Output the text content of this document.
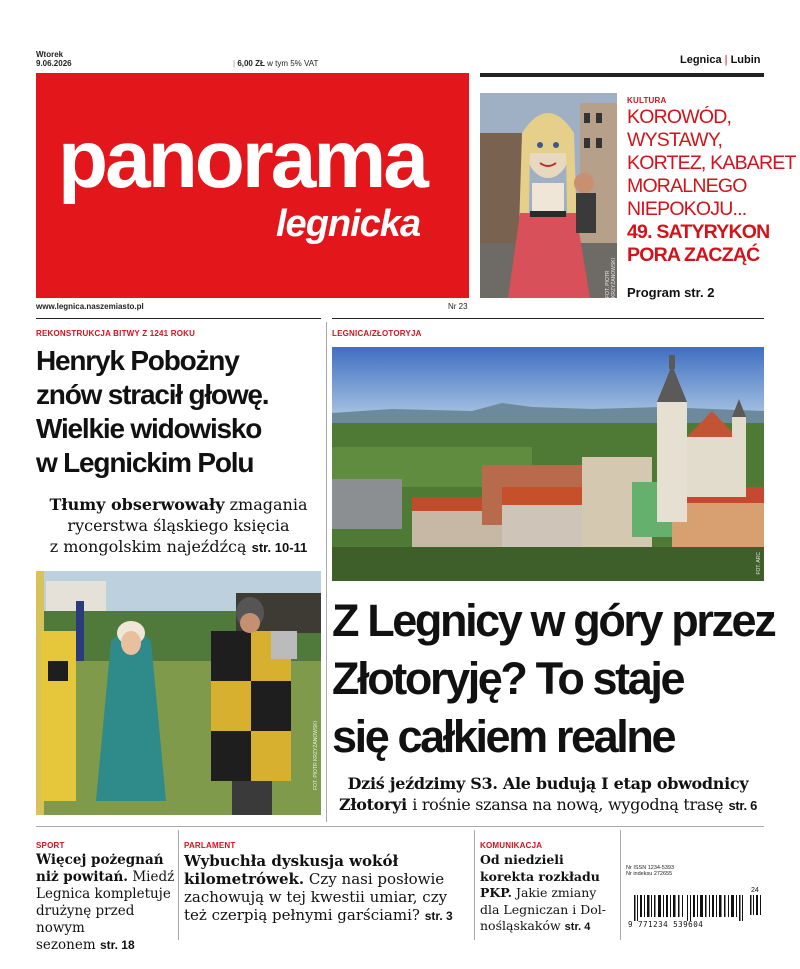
Wtorek
9.06.2026	| 6,00 ZŁ w tym 5% VAT	Legnica | Lubin
panorama
legnicka
www.legnica.naszemiasto.pl	Nr 23
FOT. PIOTR KRZYŻANOWSKI
KULTURA
KOROWÓD,
WYSTAWY,
KORTEZ, KABARET
MORALNEGO
NIEPOKOJU...
49. SATYRYKON
PORA ZACZĄĆ
Program str. 2
REKONSTRUKCJA BITWY Z 1241 ROKU
Henryk Pobożny
znów stracił głowę.
Wielkie widowisko
w Legnickim Polu
Tłumy obserwowały zmagania
rycerstwa śląskiego księcia
z mongolskim najeźdźcą str. 10-11
FOT. PIOTR KRZYŻANOWSKI
LEGNICA/ZŁOTORYJA
FOT. ARC
Z Legnicy w góry przez
Złotoryję? To staje
się całkiem realne
Dziś jeździmy S3. Ale budują I etap obwodnicy
Złotoryi i rośnie szansa na nową, wygodną trasę str. 6
SPORT
Więcej pożegnań
niż powitań. Miedź
Legnica kompletuje
drużynę przed nowym
sezonem str. 18
PARLAMENT
Wybuchła dyskusja wokół
kilometrówek. Czy nasi posłowie
zachowują w tej kwestii umiar, czy
też czerpią pełnymi garściami? str. 3
KOMUNIKACJA
Od niedzieli
korekta rozkładu
PKP. Jakie zmiany
dla Legniczan i Dol-
nośląskaków str. 4
Nr ISSN 1234-5393
Nr indeksu 272655
24
9 771234 539604
